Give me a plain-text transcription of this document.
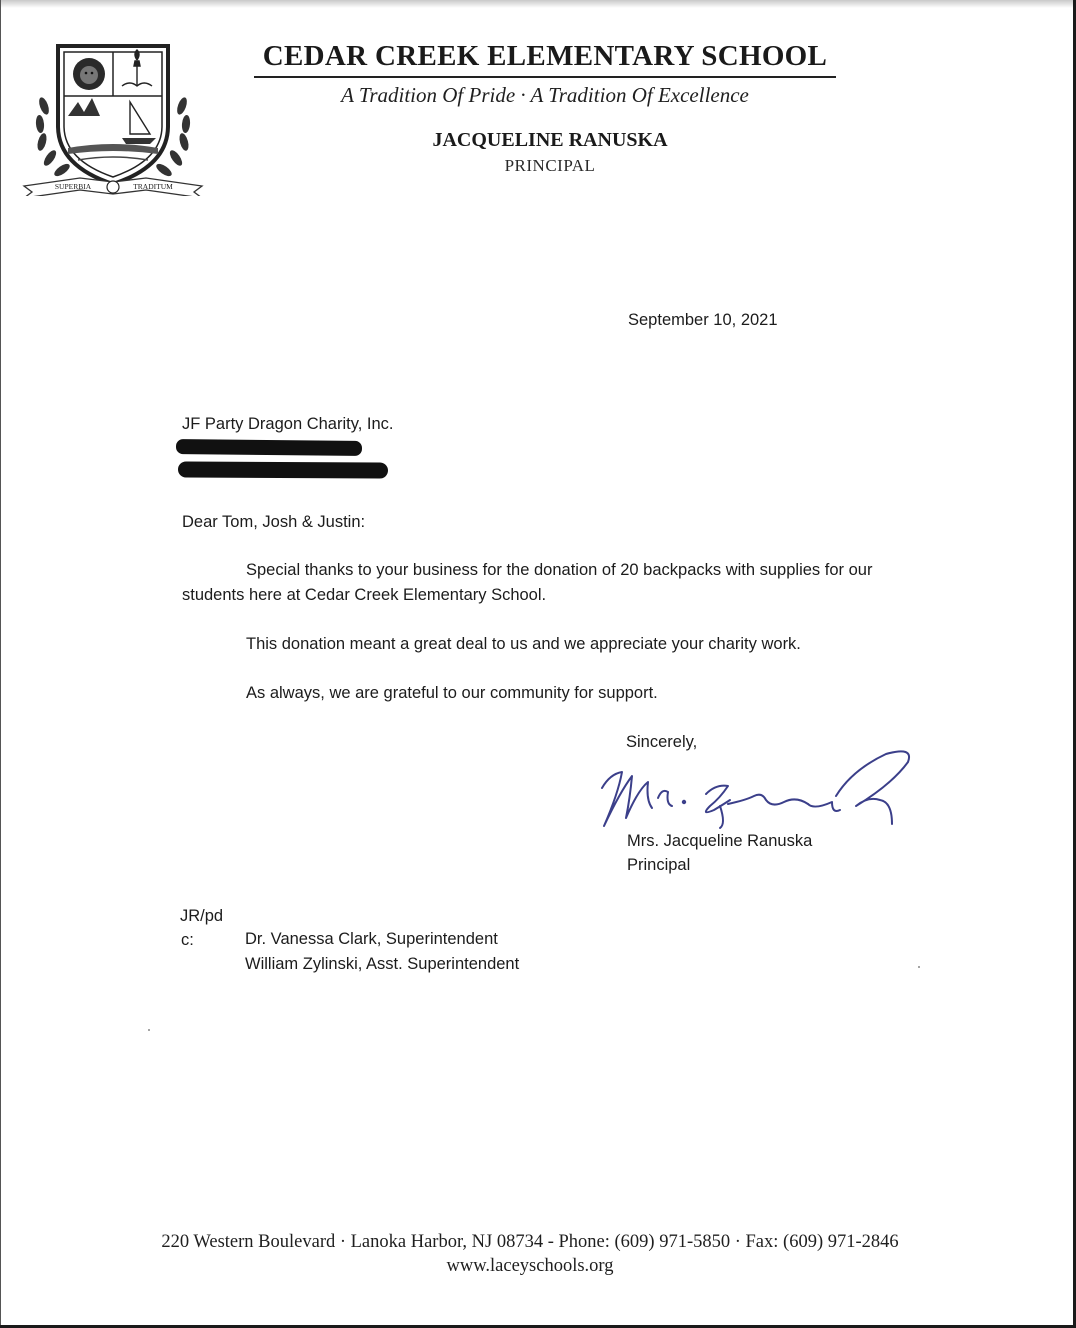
SUPERBIA	TRADITUM
CEDAR CREEK ELEMENTARY SCHOOL
A Tradition Of Pride · A Tradition Of Excellence
JACQUELINE RANUSKA
PRINCIPAL
September 10, 2021
JF Party Dragon Charity, Inc.
Dear Tom, Josh & Justin:
Special thanks to your business for the donation of 20 backpacks with supplies for our
students here at Cedar Creek Elementary School.
This donation meant a great deal to us and we appreciate your charity work.
As always, we are grateful to our community for support.
Sincerely,
Mrs. Jacqueline Ranuska
Principal
JR/pd
c:	Dr. Vanessa Clark, Superintendent
William Zylinski, Asst. Superintendent
220 Western Boulevard · Lanoka Harbor, NJ 08734 - Phone: (609) 971-5850 · Fax: (609) 971-2846
www.laceyschools.org
